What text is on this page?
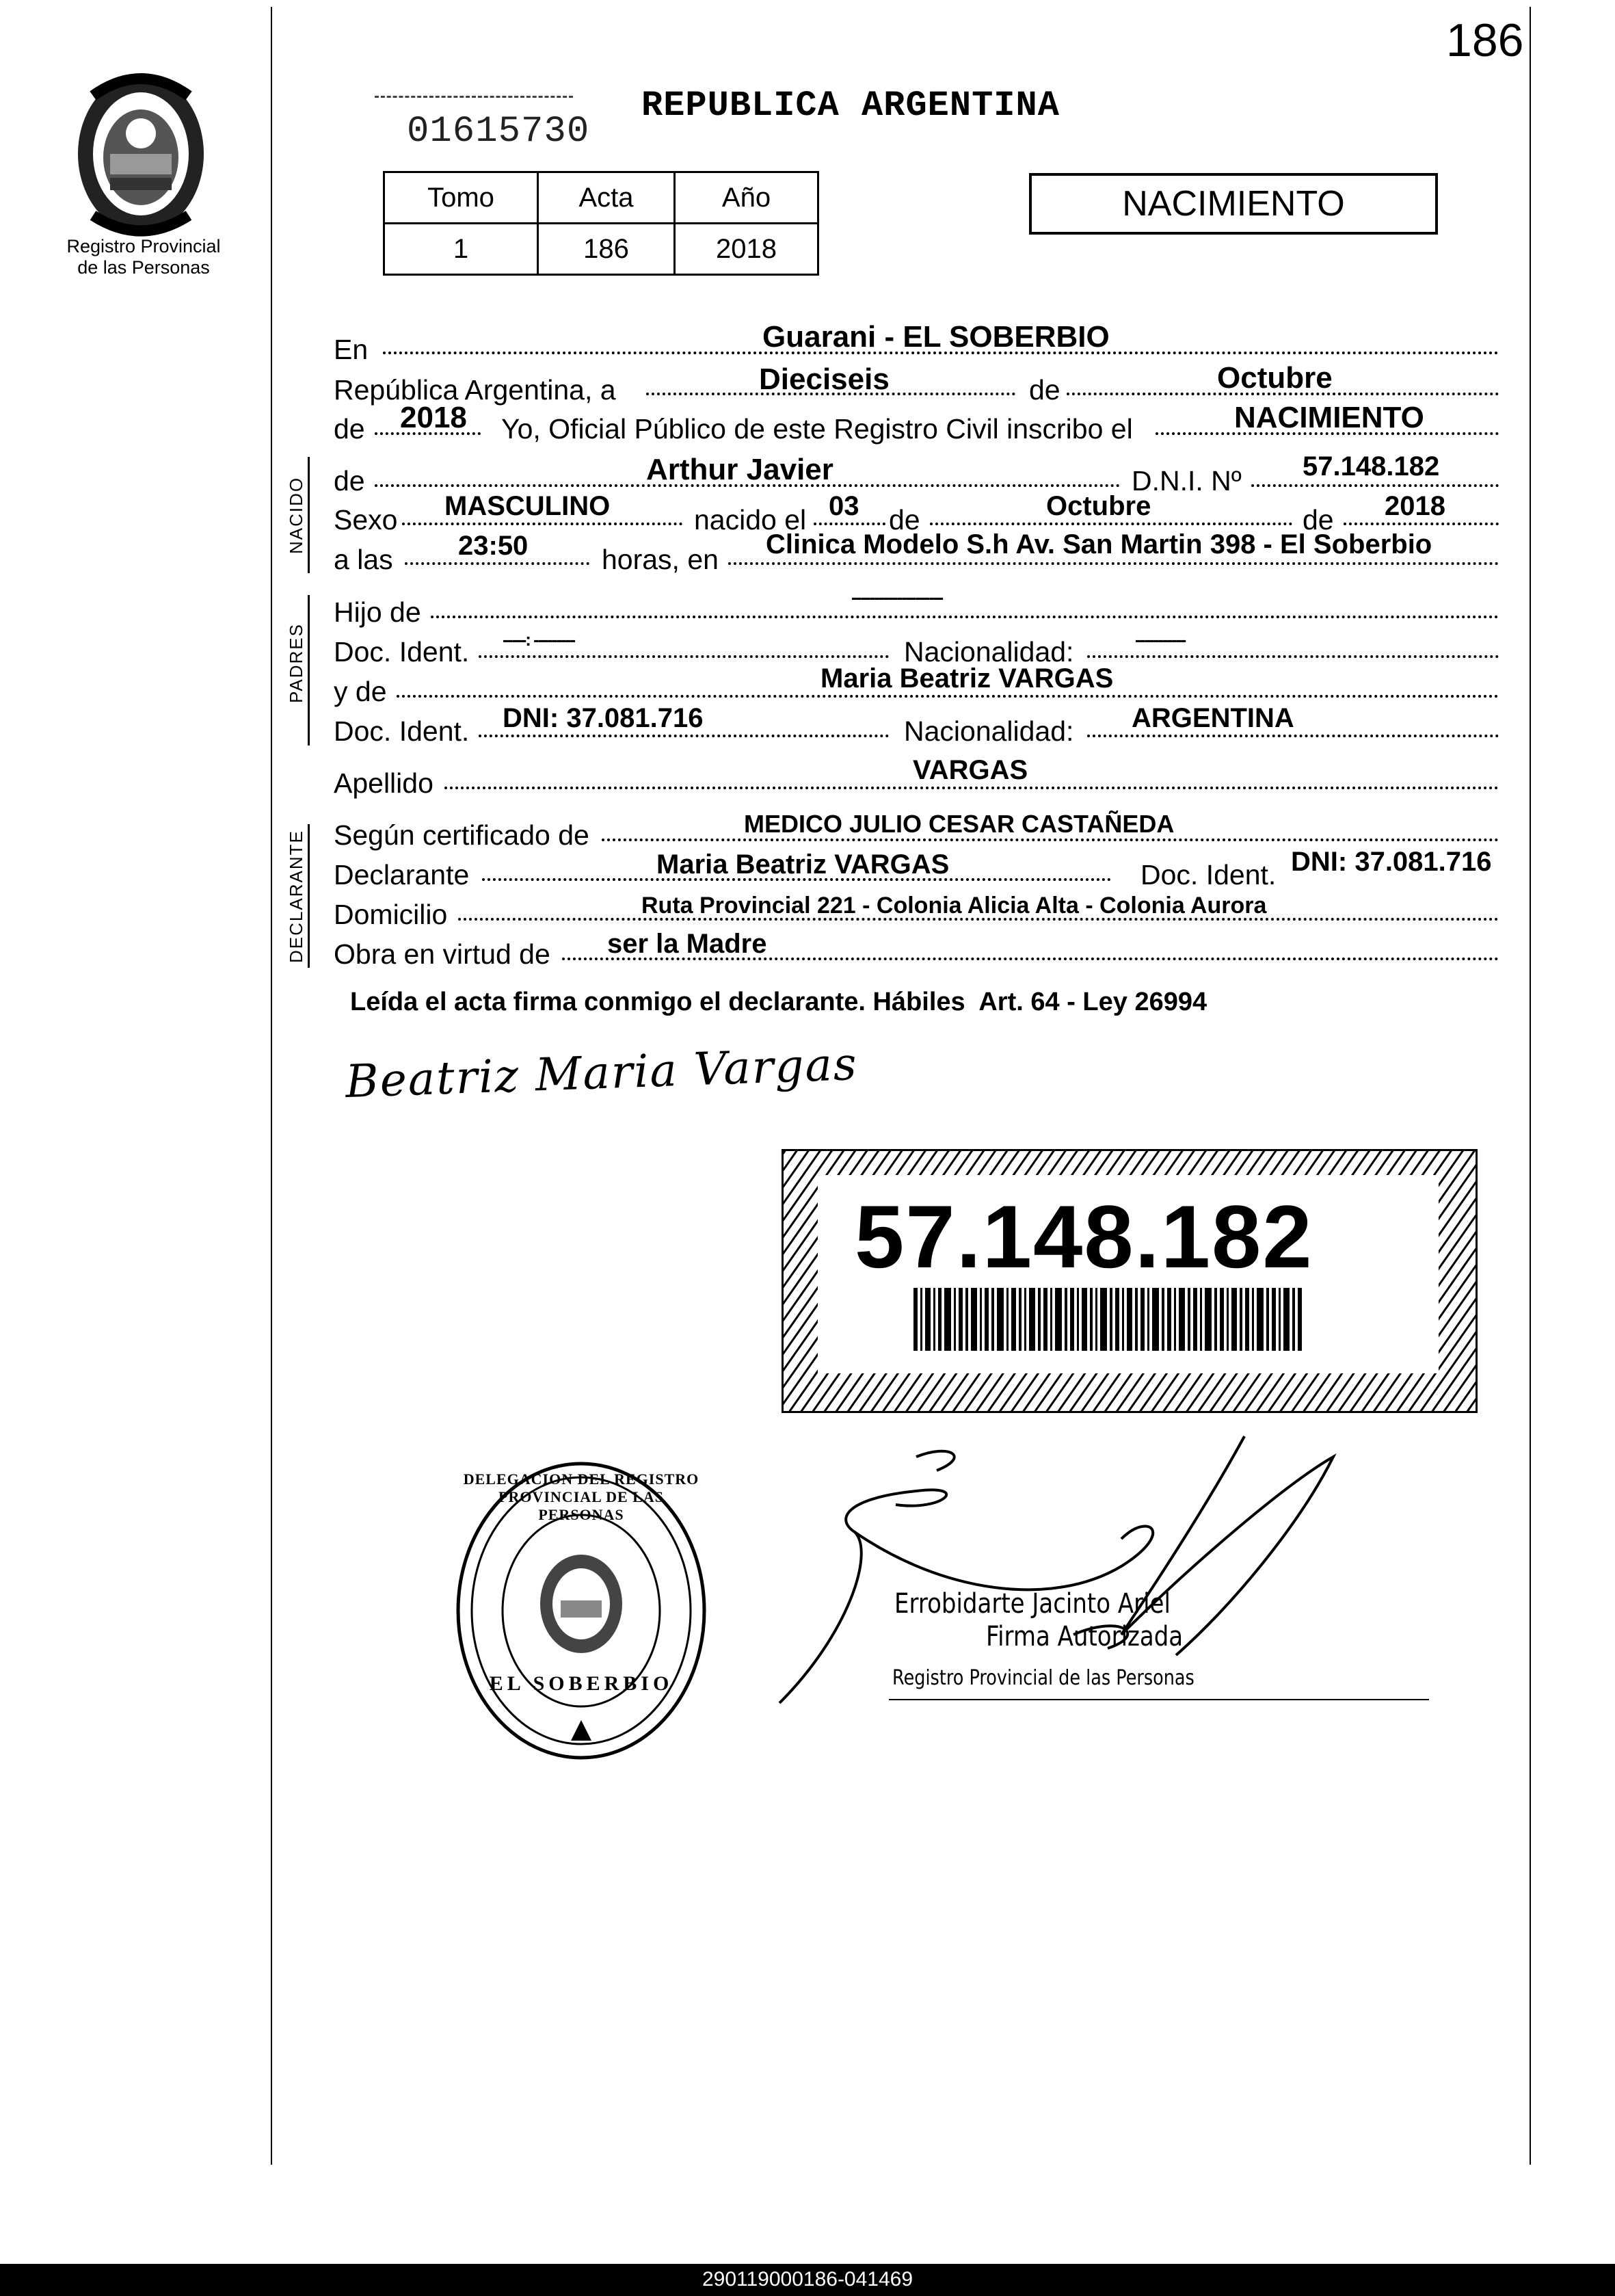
186
Registro Provincial
de las Personas
01615730
REPUBLICA ARGENTINA
NACIMIENTO
Tomo	Acta	Año
1	186	2018
En	Guarani - EL SOBERBIO
República Argentina, a	Dieciseis	de	Octubre
de 2018 Yo, Oficial Público de este Registro Civil inscribo el	NACIMIENTO
NACIDO de	Arthur Javier	D.N.I. Nº 57.148.182
Sexo MASCULINO	nacido el 03 de	Octubre	de 2018
a las 23:50	horas, en Clinica Modelo S.h Av. San Martin 398 - El Soberbio
PADRES
Hijo de	--------------------
Doc. Ident. -----: ---------	Nacionalidad:	-----------
y de	Maria Beatriz VARGAS
Doc. Ident. DNI: 37.081.716	Nacionalidad: ARGENTINA
Apellido	VARGAS
DECLARANTE Según certificado de	MEDICO JULIO CESAR CASTAÑEDA
Declarante	Maria Beatriz VARGAS	Doc. Ident. DNI: 37.081.716
Domicilio	Ruta Provincial 221 - Colonia Alicia Alta - Colonia Aurora
Obra en virtud de ser la Madre
Leída el acta firma conmigo el declarante. Hábiles  Art. 64 - Ley 26994
Beatriz Maria Vargas
57.148.182
DELEGACION DEL REGISTRO PROVINCIAL DE LAS PERSONAS
EL SOBERBIO
Errobidarte Jacinto Ariel
Firma Autorizada
Registro Provincial de las Personas
290119000186-041469
